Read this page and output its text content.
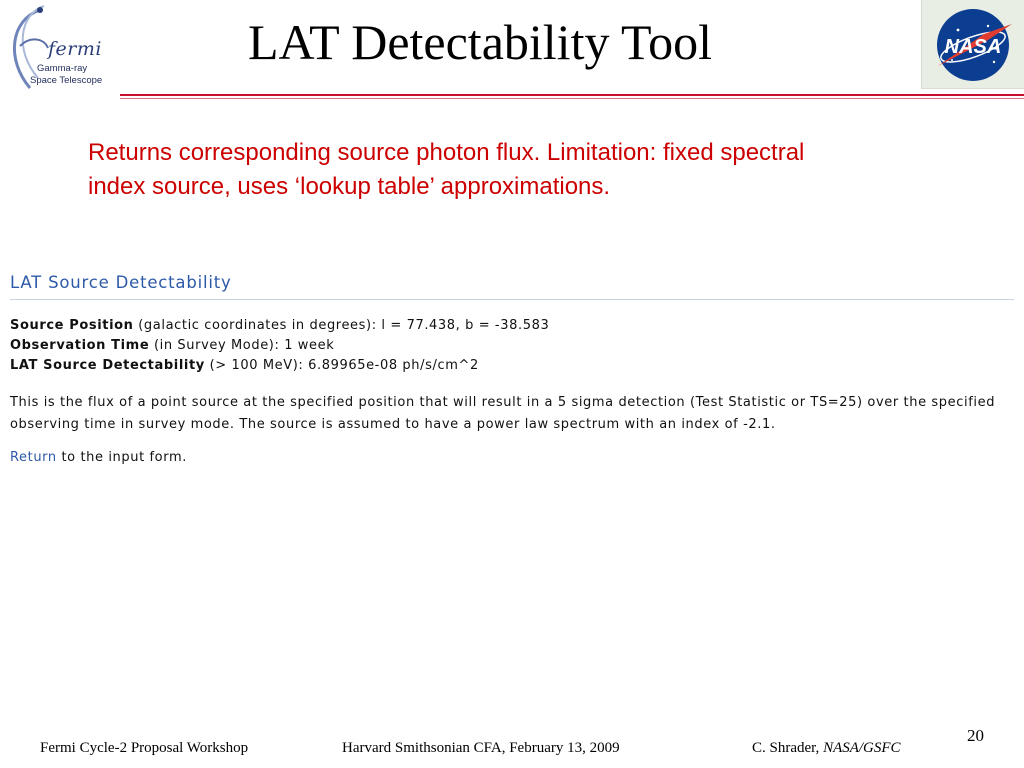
fermi
Gamma-ray
Space Telescope
LAT Detectability Tool	NASA
Returns corresponding source photon flux. Limitation: fixed spectral index source, uses ‘lookup table’ approximations.
LAT Source Detectability
Source Position (galactic coordinates in degrees): l = 77.438, b = -38.583
Observation Time (in Survey Mode): 1 week
LAT Source Detectability (> 100 MeV): 6.89965e-08 ph/s/cm^2
This is the flux of a point source at the specified position that will result in a 5 sigma detection (Test Statistic or TS=25) over the specified observing time in survey mode. The source is assumed to have a power law spectrum with an index of -2.1.
Return to the input form.
Fermi Cycle-2 Proposal Workshop	Harvard Smithsonian CFA, February 13, 2009	C. Shrader, NASA/GSFC
20
